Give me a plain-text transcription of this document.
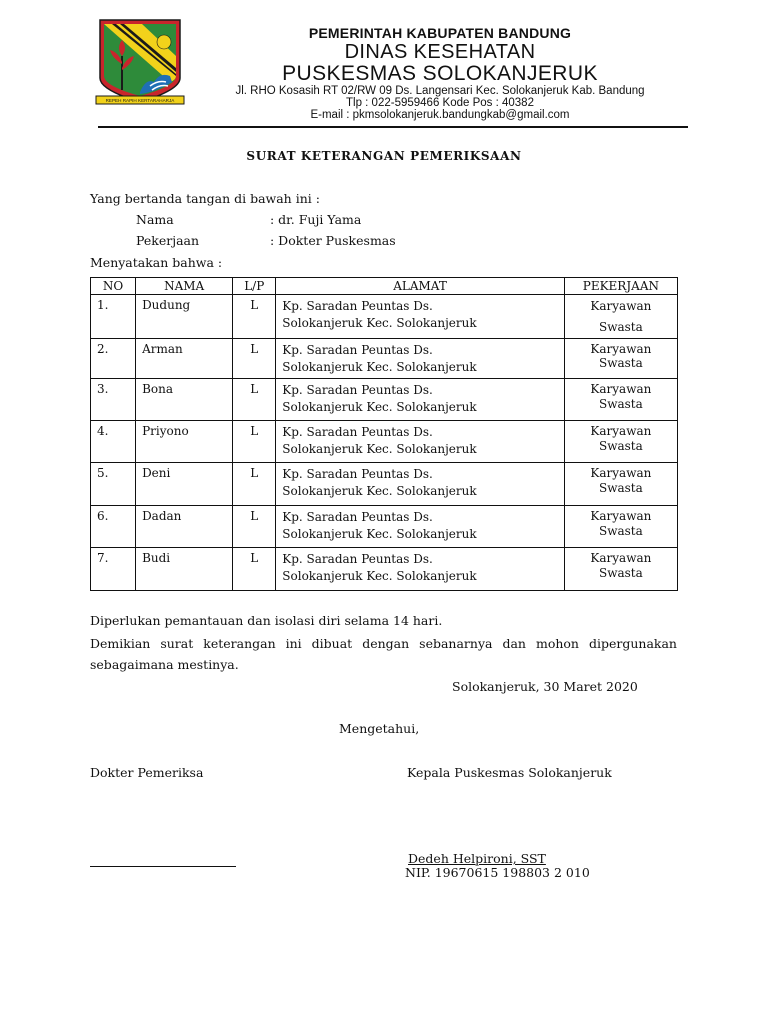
REPEH RAPIH KERTARAHARJA
PEMERINTAH KABUPATEN BANDUNG
DINAS KESEHATAN
PUSKESMAS SOLOKANJERUK
Jl. RHO Kosasih RT 02/RW 09 Ds. Langensari Kec. Solokanjeruk Kab. Bandung
Tlp : 022-5959466 Kode Pos : 40382
E-mail : pkmsolokanjeruk.bandungkab@gmail.com
SURAT KETERANGAN PEMERIKSAAN
Yang bertanda tangan di bawah ini :
Nama	: dr. Fuji Yama
Pekerjaan	: Dokter Puskesmas
Menyatakan bahwa :
NO	NAMA	L/P	ALAMAT	PEKERJAAN
1.	Dudung	L	Kp. Saradan Peuntas Ds.
Solokanjeruk Kec. Solokanjeruk	Karyawan
Swasta

2.	Arman	L	Kp. Saradan Peuntas Ds.
Solokanjeruk Kec. Solokanjeruk	Karyawan
Swasta

3.	Bona	L	Kp. Saradan Peuntas Ds.
Solokanjeruk Kec. Solokanjeruk	Karyawan
Swasta

4.	Priyono	L	Kp. Saradan Peuntas Ds.
Solokanjeruk Kec. Solokanjeruk	Karyawan
Swasta

5.	Deni	L	Kp. Saradan Peuntas Ds.
Solokanjeruk Kec. Solokanjeruk	Karyawan
Swasta

6.	Dadan	L	Kp. Saradan Peuntas Ds.
Solokanjeruk Kec. Solokanjeruk	Karyawan
Swasta

7.	Budi	L	Kp. Saradan Peuntas Ds.
Solokanjeruk Kec. Solokanjeruk	Karyawan
Swasta
Diperlukan pemantauan dan isolasi diri selama 14 hari.
Demikian surat keterangan ini dibuat dengan sebanarnya dan mohon dipergunakan sebagaimana mestinya.
Solokanjeruk, 30 Maret 2020
Mengetahui,
Dokter Pemeriksa	Kepala Puskesmas Solokanjeruk
Dedeh Helpironi, SST
NIP. 19670615 198803 2 010
